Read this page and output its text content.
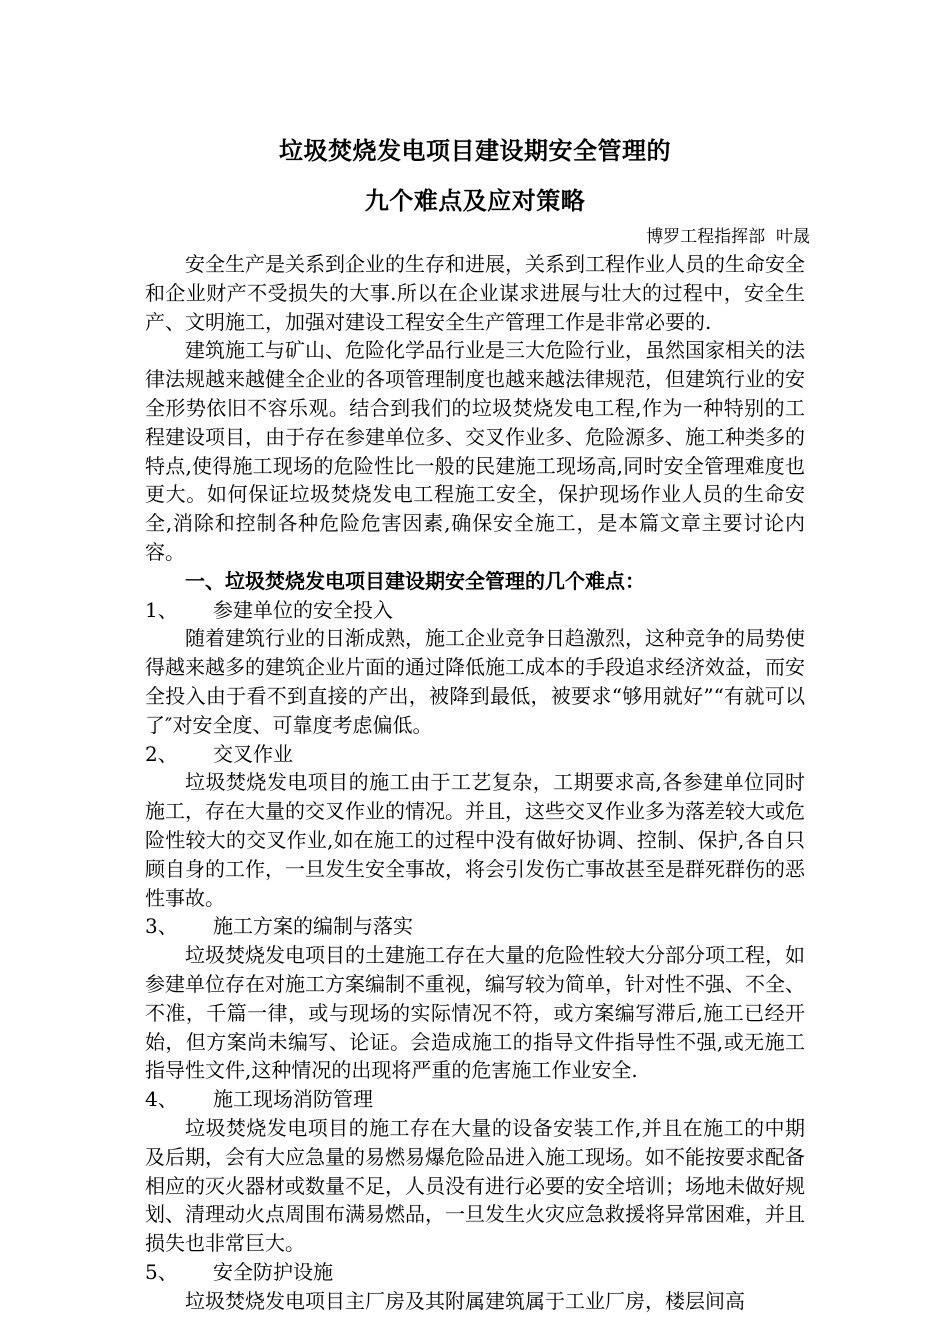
垃圾焚烧发电项目建设期安全管理的
九个难点及应对策略
博罗工程指挥部  叶晟

安全生产是关系到企业的生存和进展，关系到工程作业人员的生命安全和企业财产不受损失的大事.所以在企业谋求进展与壮大的过程中，安全生产、文明施工，加强对建设工程安全生产管理工作是非常必要的.

建筑施工与矿山、危险化学品行业是三大危险行业，虽然国家相关的法律法规越来越健全企业的各项管理制度也越来越法律规范，但建筑行业的安全形势依旧不容乐观。结合到我们的垃圾焚烧发电工程,作为一种特别的工程建设项目，由于存在参建单位多、交叉作业多、危险源多、施工种类多的特点,使得施工现场的危险性比一般的民建施工现场高,同时安全管理难度也更大。如何保证垃圾焚烧发电工程施工安全，保护现场作业人员的生命安全,消除和控制各种危险危害因素,确保安全施工，是本篇文章主要讨论内容。

一、垃圾焚烧发电项目建设期安全管理的几个难点：

1、	参建单位的安全投入

随着建筑行业的日渐成熟，施工企业竞争日趋激烈，这种竞争的局势使得越来越多的建筑企业片面的通过降低施工成本的手段追求经济效益，而安全投入由于看不到直接的产出，被降到最低，被要求“够用就好”“有就可以了″对安全度、可靠度考虑偏低。

2、	交叉作业

垃圾焚烧发电项目的施工由于工艺复杂，工期要求高,各参建单位同时施工，存在大量的交叉作业的情况。并且，这些交叉作业多为落差较大或危险性较大的交叉作业,如在施工的过程中没有做好协调、控制、保护,各自只顾自身的工作，一旦发生安全事故，将会引发伤亡事故甚至是群死群伤的恶性事故。

3、	施工方案的编制与落实

垃圾焚烧发电项目的土建施工存在大量的危险性较大分部分项工程，如参建单位存在对施工方案编制不重视，编写较为简单，针对性不强、不全、不准，千篇一律，或与现场的实际情况不符，或方案编写滞后,施工已经开始，但方案尚未编写、论证。会造成施工的指导文件指导性不强,或无施工指导性文件,这种情况的出现将严重的危害施工作业安全.

4、	施工现场消防管理

垃圾焚烧发电项目的施工存在大量的设备安装工作,并且在施工的中期及后期，会有大应急量的易燃易爆危险品进入施工现场。如不能按要求配备相应的灭火器材或数量不足，人员没有进行必要的安全培训；场地未做好规划、清理动火点周围布满易燃品，一旦发生火灾应急救援将异常困难，并且损失也非常巨大。

5、	安全防护设施

垃圾焚烧发电项目主厂房及其附属建筑属于工业厂房，楼层间高
